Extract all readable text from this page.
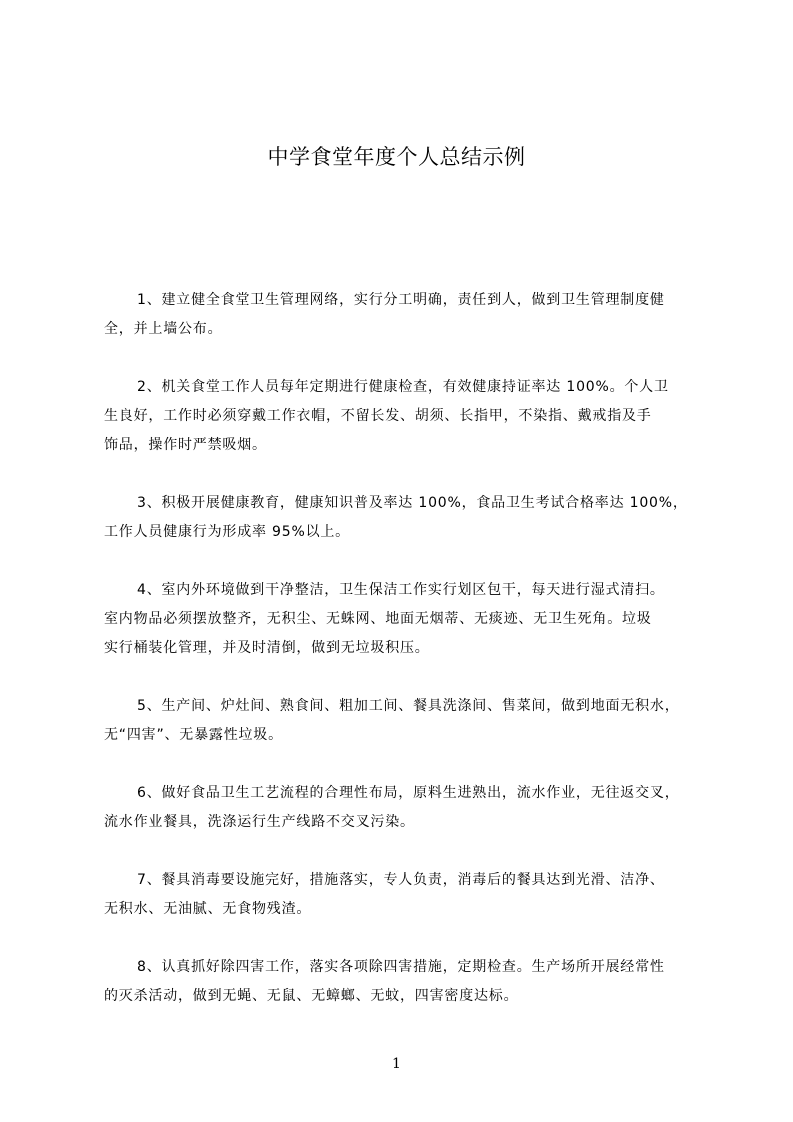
中学食堂年度个人总结示例

1、建立健全食堂卫生管理网络，实行分工明确，责任到人，做到卫生管理制度健
全，并上墙公布。

2、机关食堂工作人员每年定期进行健康检查，有效健康持证率达 100%。个人卫
生良好，工作时必须穿戴工作衣帽，不留长发、胡须、长指甲，不染指、戴戒指及手
饰品，操作时严禁吸烟。

3、积极开展健康教育，健康知识普及率达 100%，食品卫生考试合格率达 100%，
工作人员健康行为形成率 95%以上。

4、室内外环境做到干净整洁，卫生保洁工作实行划区包干，每天进行湿式清扫。
室内物品必须摆放整齐，无积尘、无蛛网、地面无烟蒂、无痰迹、无卫生死角。垃圾
实行桶装化管理，并及时清倒，做到无垃圾积压。

5、生产间、炉灶间、熟食间、粗加工间、餐具洗涤间、售菜间，做到地面无积水，
无“四害”、无暴露性垃圾。

6、做好食品卫生工艺流程的合理性布局，原料生进熟出，流水作业，无往返交叉，
流水作业餐具，洗涤运行生产线路不交叉污染。

7、餐具消毒要设施完好，措施落实，专人负责，消毒后的餐具达到光滑、洁净、
无积水、无油腻、无食物残渣。

8、认真抓好除四害工作，落实各项除四害措施，定期检查。生产场所开展经常性
的灭杀活动，做到无蝇、无鼠、无蟑螂、无蚊，四害密度达标。

1
